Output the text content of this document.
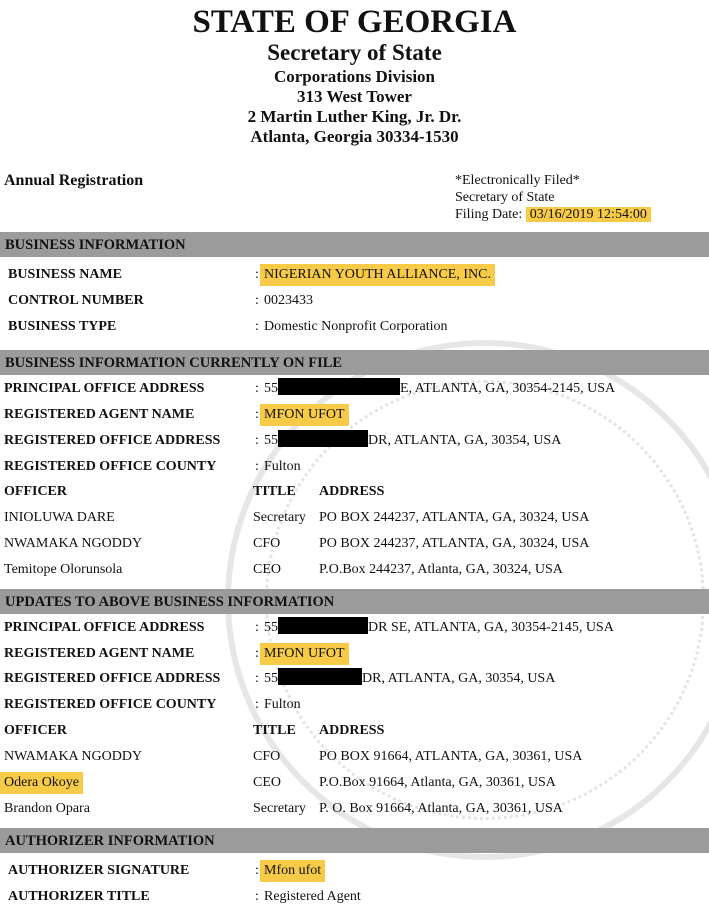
STATE OF GEORGIA
Secretary of State
Corporations Division
313 West Tower
2 Martin Luther King, Jr. Dr.
Atlanta, Georgia 30334-1530
Annual Registration	*Electronically Filed*
Secretary of State
Filing Date: 03/16/2019 12:54:00
BUSINESS INFORMATION
BUSINESS INFORMATION CURRENTLY ON FILE
UPDATES TO ABOVE BUSINESS INFORMATION
AUTHORIZER INFORMATION
BUSINESS NAME	: NIGERIAN YOUTH ALLIANCE, INC.
CONTROL NUMBER	: 0023433
BUSINESS TYPE	: Domestic Nonprofit Corporation
PRINCIPAL OFFICE ADDRESS	: 55	E, ATLANTA, GA, 30354-2145, USA
REGISTERED AGENT NAME	: MFON UFOT
REGISTERED OFFICE ADDRESS : 55	DR, ATLANTA, GA, 30354, USA
REGISTERED OFFICE COUNTY	: Fulton
OFFICER	TITLE ADDRESS
INIOLUWA DARE	Secretary PO BOX 244237, ATLANTA, GA, 30324, USA
NWAMAKA NGODDY	CFO	PO BOX 244237, ATLANTA, GA, 30324, USA
Temitope Olorunsola	CEO	P.O.Box 244237, Atlanta, GA, 30324, USA
PRINCIPAL OFFICE ADDRESS	: 55	DR SE, ATLANTA, GA, 30354-2145, USA
REGISTERED AGENT NAME	: MFON UFOT
REGISTERED OFFICE ADDRESS : 55	DR, ATLANTA, GA, 30354, USA
REGISTERED OFFICE COUNTY	: Fulton
OFFICER	TITLE ADDRESS
NWAMAKA NGODDY	CFO	PO BOX 91664, ATLANTA, GA, 30361, USA
Odera Okoye	CEO	P.O.Box 91664, Atlanta, GA, 30361, USA
Brandon Opara	Secretary P. O. Box 91664, Atlanta, GA, 30361, USA
AUTHORIZER SIGNATURE	: Mfon ufot
AUTHORIZER TITLE	: Registered Agent
